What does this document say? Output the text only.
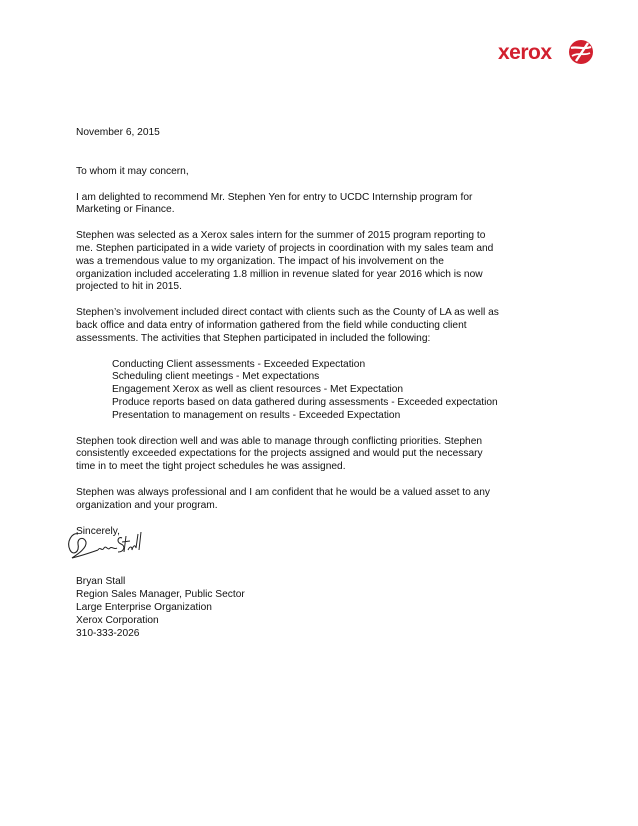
xerox

November 6, 2015

To whom it may concern,

I am delighted to recommend Mr. Stephen Yen for entry to UCDC Internship program for

Marketing or Finance.

Stephen was selected as a Xerox sales intern for the summer of 2015 program reporting to

me. Stephen participated in a wide variety of projects in coordination with my sales team and

was a tremendous value to my organization. The impact of his involvement on the

organization included accelerating 1.8 million in revenue slated for year 2016 which is now

projected to hit in 2015.

Stephen’s involvement included direct contact with clients such as the County of LA as well as

back office and data entry of information gathered from the field while conducting client

assessments. The activities that Stephen participated in included the following:

Conducting Client assessments - Exceeded Expectation

Scheduling client meetings - Met expectations

Engagement Xerox as well as client resources - Met Expectation

Produce reports based on data gathered during assessments - Exceeded expectation

Presentation to management on results - Exceeded Expectation

Stephen took direction well and was able to manage through conflicting priorities. Stephen

consistently exceeded expectations for the projects assigned and would put the necessary

time in to meet the tight project schedules he was assigned.

Stephen was always professional and I am confident that he would be a valued asset to any

organization and your program.

Sincerely,

Bryan Stall

Region Sales Manager, Public Sector

Large Enterprise Organization

Xerox Corporation

310-333-2026
